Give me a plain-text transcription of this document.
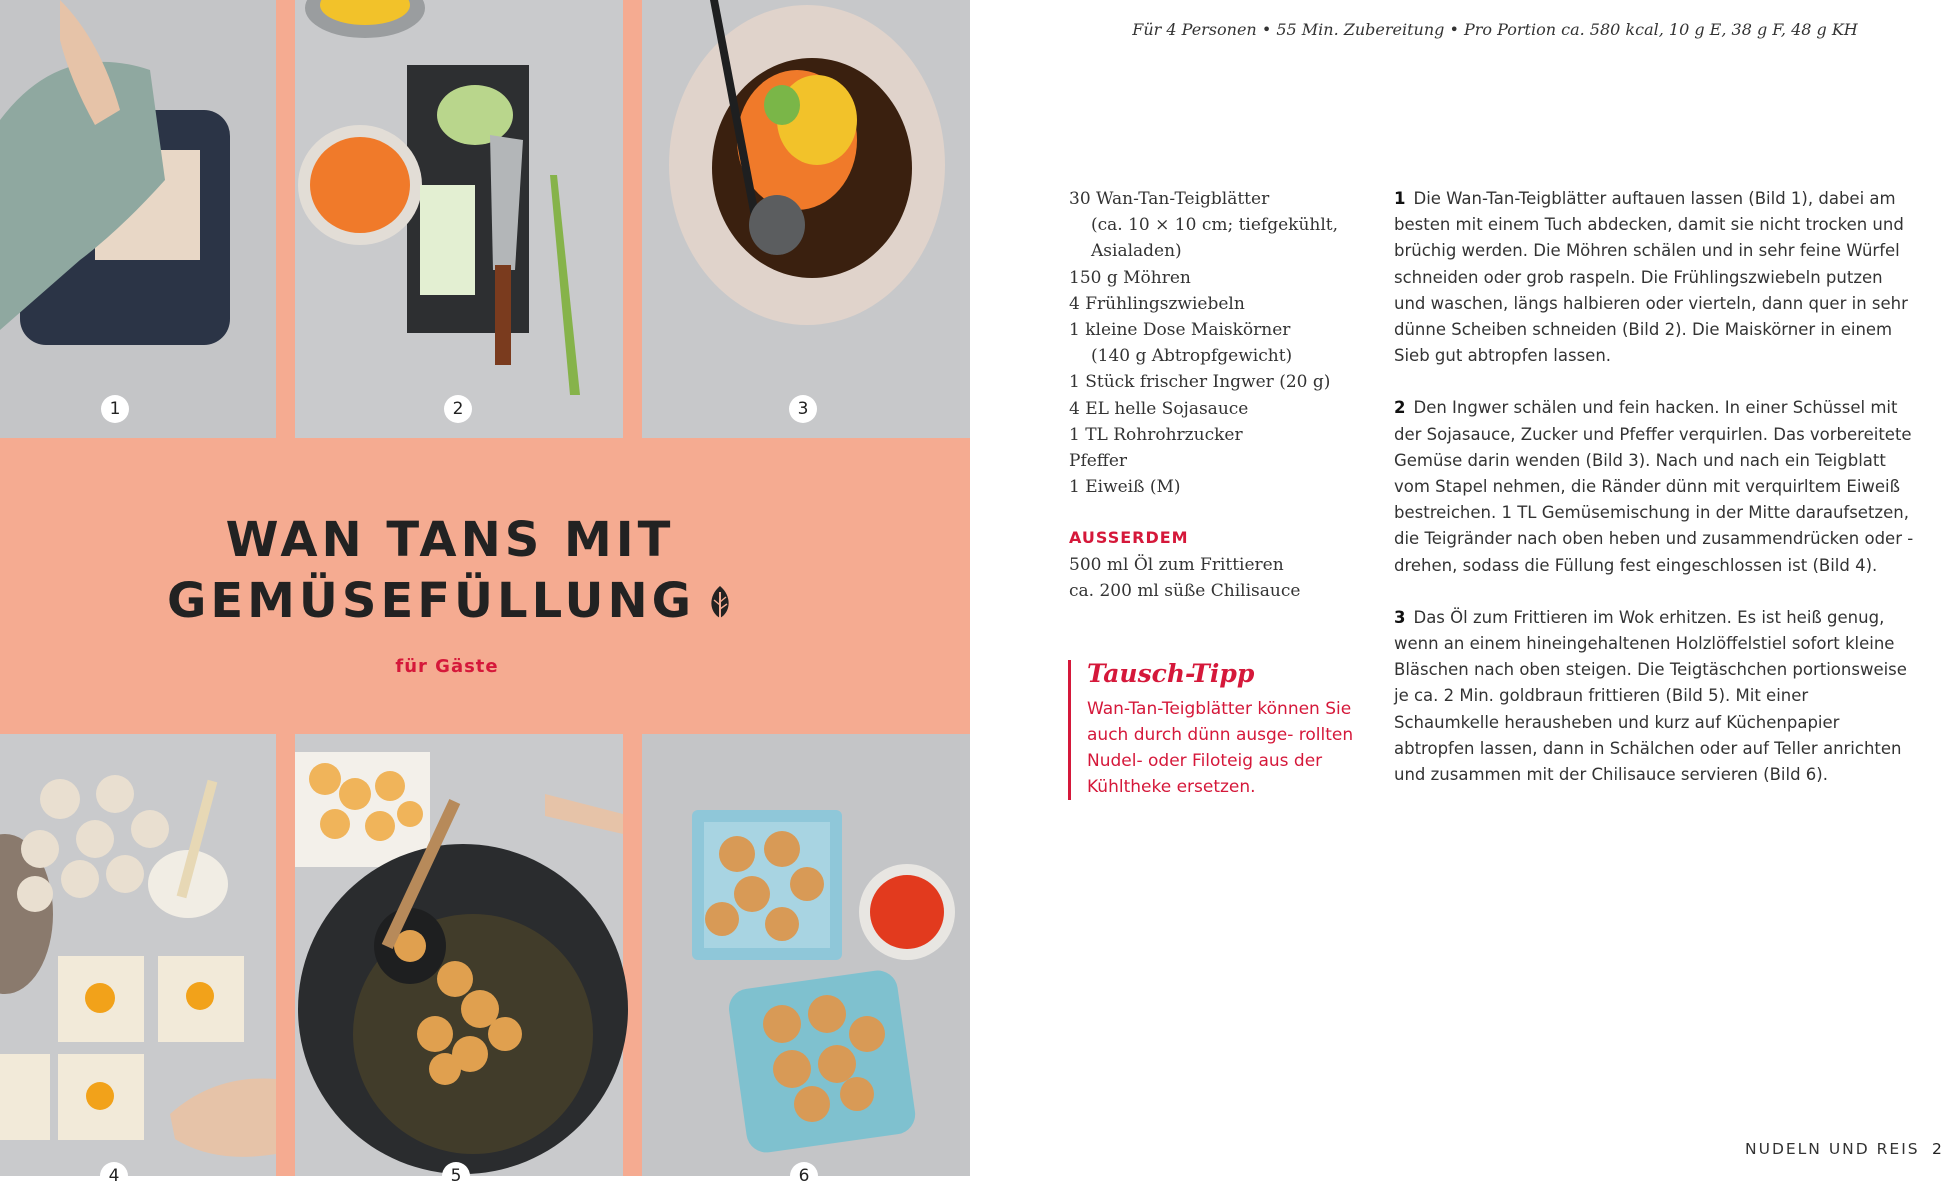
1	2	3
WAN TANS MIT
GEMÜSEFÜLLUNG
für Gäste
4	5	6
Für 4 Personen • 55 Min. Zubereitung • Pro Portion ca. 580 kcal, 10 g E, 38 g F, 48 g KH
30 Wan-Tan-Teigblätter
(ca. 10 × 10 cm; tiefgekühlt,
Asialaden)
150 g Möhren
4 Frühlingszwiebeln
1 kleine Dose Maiskörner
(140 g Abtropfgewicht)
1 Stück frischer Ingwer (20 g)
4 EL helle Sojasauce
1 TL Rohrohrzucker
Pfeffer
1 Eiweiß (M)
AUSSERDEM
500 ml Öl zum Frittieren
ca. 200 ml süße Chilisauce
Tausch-Tipp
Wan-Tan-Teigblätter können Sie auch durch dünn ausge- rollten Nudel- oder Filoteig aus der Kühltheke ersetzen.

1 Die Wan-Tan-Teigblätter auftauen lassen (Bild 1), dabei am besten mit einem Tuch abdecken, damit sie nicht trocken und brüchig werden. Die Möhren schälen und in sehr feine Würfel schneiden oder grob raspeln. Die Frühlingszwiebeln putzen und waschen, längs halbieren oder vierteln, dann quer in sehr dünne Scheiben schneiden (Bild 2). Die Maiskörner in einem Sieb gut abtropfen lassen.

2 Den Ingwer schälen und fein hacken. In einer Schüssel mit der Sojasauce, Zucker und Pfeffer verquirlen. Das vorbereitete Gemüse darin wenden (Bild 3). Nach und nach ein Teigblatt vom Stapel nehmen, die Ränder dünn mit verquirltem Eiweiß bestreichen. 1 TL Gemüsemischung in der Mitte daraufsetzen, die Teigränder nach oben heben und zusammendrücken oder -drehen, sodass die Füllung fest eingeschlossen ist (Bild 4).

3 Das Öl zum Frittieren im Wok erhitzen. Es ist heiß genug, wenn an einem hineingehaltenen Holzlöffelstiel sofort kleine Bläschen nach oben steigen. Die Teigtäschchen portionsweise je ca. 2 Min. goldbraun frittieren (Bild 5). Mit einer Schaumkelle herausheben und kurz auf Küchenpapier abtropfen lassen, dann in Schälchen oder auf Teller anrichten und zusammen mit der Chilisauce servieren (Bild 6).

NUDELN UND REIS 2
